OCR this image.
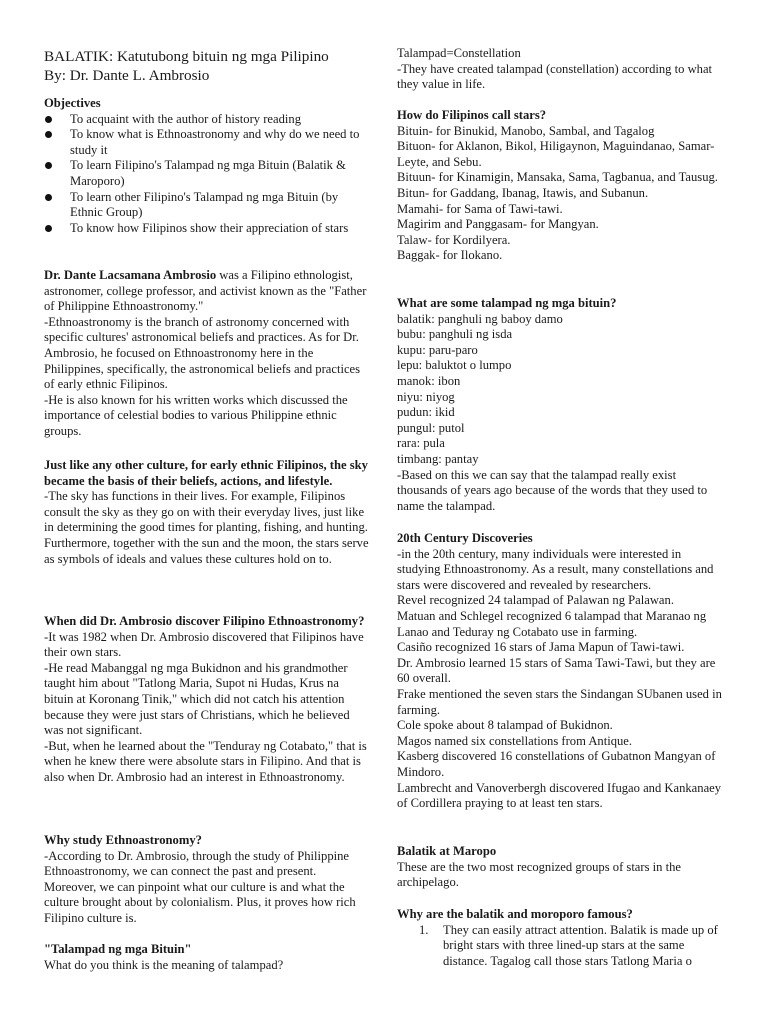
BALATIK: Katutubong bituin ng mga Pilipino
By: Dr. Dante L. Ambrosio

Objectives

To acquaint with the author of history reading
To know what is Ethnoastronomy and why do we need to study it
To learn Filipino's Talampad ng mga Bituin (Balatik & Maroporo)
To learn other Filipino's Talampad ng mga Bituin (by Ethnic Group)
To know how Filipinos show their appreciation of stars

Dr. Dante Lacsamana Ambrosio was a Filipino ethnologist, astronomer, college professor, and activist known as the "Father of Philippine Ethnoastronomy."

-Ethnoastronomy is the branch of astronomy concerned with specific cultures' astronomical beliefs and practices. As for Dr. Ambrosio, he focused on Ethnoastronomy here in the Philippines, specifically, the astronomical beliefs and practices of early ethnic Filipinos.

-He is also known for his written works which discussed the importance of celestial bodies to various Philippine ethnic groups.

Just like any other culture, for early ethnic Filipinos, the sky became the basis of their beliefs, actions, and lifestyle.

-The sky has functions in their lives. For example, Filipinos consult the sky as they go on with their everyday lives, just like in determining the good times for planting, fishing, and hunting. Furthermore, together with the sun and the moon, the stars serve as symbols of ideals and values these cultures hold on to.

When did Dr. Ambrosio discover Filipino Ethnoastronomy?

-It was 1982 when Dr. Ambrosio discovered that Filipinos have their own stars.

-He read Mabanggal ng mga Bukidnon and his grandmother taught him about "Tatlong Maria, Supot ni Hudas, Krus na bituin at Koronang Tinik," which did not catch his attention because they were just stars of Christians, which he believed was not significant.

-But, when he learned about the "Tenduray ng Cotabato," that is when he knew there were absolute stars in Filipino. And that is also when Dr. Ambrosio had an interest in Ethnoastronomy.

Why study Ethnoastronomy?

-According to Dr. Ambrosio, through the study of Philippine Ethnoastronomy, we can connect the past and present. Moreover, we can pinpoint what our culture is and what the culture brought about by colonialism. Plus, it proves how rich Filipino culture is.

"Talampad ng mga Bituin"

What do you think is the meaning of talampad?

Talampad=Constellation

-They have created talampad (constellation) according to what they value in life.

How do Filipinos call stars?

Bituin- for Binukid, Manobo, Sambal, and Tagalog

Bituon- for Aklanon, Bikol, Hiligaynon, Maguindanao, Samar-Leyte, and Sebu.

Bituun- for Kinamigin, Mansaka, Sama, Tagbanua, and Tausug.

Bitun- for Gaddang, Ibanag, Itawis, and Subanun.

Mamahi- for Sama of Tawi-tawi.

Magirim and Panggasam- for Mangyan.

Talaw- for Kordilyera.

Baggak- for Ilokano.

What are some talampad ng mga bituin?

balatik: panghuli ng baboy damo

bubu: panghuli ng isda

kupu: paru-paro

lepu: baluktot o lumpo

manok: ibon

niyu: niyog

pudun: ikid

pungul: putol

rara: pula

timbang: pantay

-Based on this we can say that the talampad really exist thousands of years ago because of the words that they used to name the talampad.

20th Century Discoveries

-in the 20th century, many individuals were interested in studying Ethnoastronomy. As a result, many constellations and stars were discovered and revealed by researchers.

Revel recognized 24 talampad of Palawan ng Palawan.

Matuan and Schlegel recognized 6 talampad that Maranao ng Lanao and Teduray ng Cotabato use in farming.

Casiño recognized 16 stars of Jama Mapun of Tawi-tawi.

Dr. Ambrosio learned 15 stars of Sama Tawi-Tawi, but they are 60 overall.

Frake mentioned the seven stars the Sindangan SUbanen used in farming.

Cole spoke about 8 talampad of Bukidnon.

Magos named six constellations from Antique.

Kasberg discovered 16 constellations of Gubatnon Mangyan of Mindoro.

Lambrecht and Vanoverbergh discovered Ifugao and Kankanaey of Cordillera praying to at least ten stars.

Balatik at Maropo

These are the two most recognized groups of stars in the archipelago.

Why are the balatik and moroporo famous?

1. They can easily attract attention. Balatik is made up of bright stars with three lined-up stars at the same distance. Tagalog call those stars Tatlong Maria o
